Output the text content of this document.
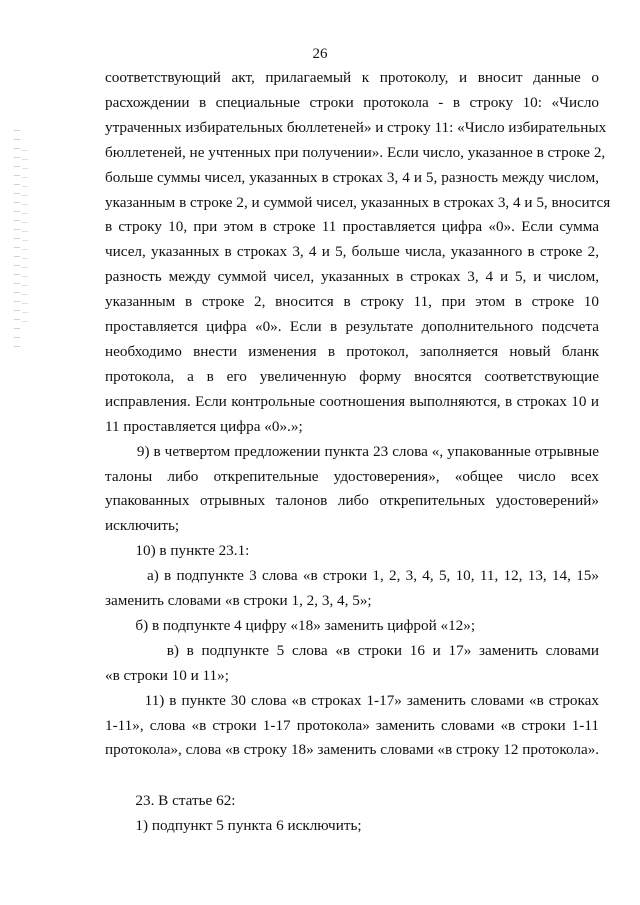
26

соответствующий акт, прилагаемый к протоколу, и вносит данные о

расхождении в специальные строки протокола - в строку 10: «Число

утраченных избирательных бюллетеней» и строку 11: «Число избирательных

бюллетеней, не учтенных при получении». Если число, указанное в строке 2,

больше суммы чисел, указанных в строках 3, 4 и 5, разность между числом,

указанным в строке 2, и суммой чисел, указанных в строках 3, 4 и 5, вносится

в строку 10, при этом в строке 11 проставляется цифра «0». Если сумма

чисел, указанных в строках 3, 4 и 5, больше числа, указанного в строке 2,

разность между суммой чисел, указанных в строках 3, 4 и 5, и числом,

указанным в строке 2, вносится в строку 11, при этом в строке 10

проставляется цифра «0». Если в результате дополнительного подсчета

необходимо внести изменения в протокол, заполняется новый бланк

протокола, а в его увеличенную форму вносятся соответствующие

исправления. Если контрольные соотношения выполняются, в строках 10 и

11 проставляется цифра «0».»;

9) в четвертом предложении пункта 23 слова «, упакованные отрывные

талоны либо открепительные удостоверения», «общее число всех

упакованных отрывных талонов либо открепительных удостоверений»

исключить;

10) в пункте 23.1:

а) в подпункте 3 слова «в строки 1, 2, 3, 4, 5, 10, 11, 12, 13, 14, 15»

заменить словами «в строки 1, 2, 3, 4, 5»;

б) в подпункте 4 цифру «18» заменить цифрой «12»;

в) в подпункте 5 слова «в строки 16 и 17» заменить словами

«в строки 10 и 11»;

11) в пункте 30 слова «в строках 1-17» заменить словами «в строках

1-11», слова «в строки 1-17 протокола» заменить словами «в строки 1-11

протокола», слова «в строку 18» заменить словами «в строку 12 протокола».

23. В статье 62:

1) подпункт 5 пункта 6 исключить;
